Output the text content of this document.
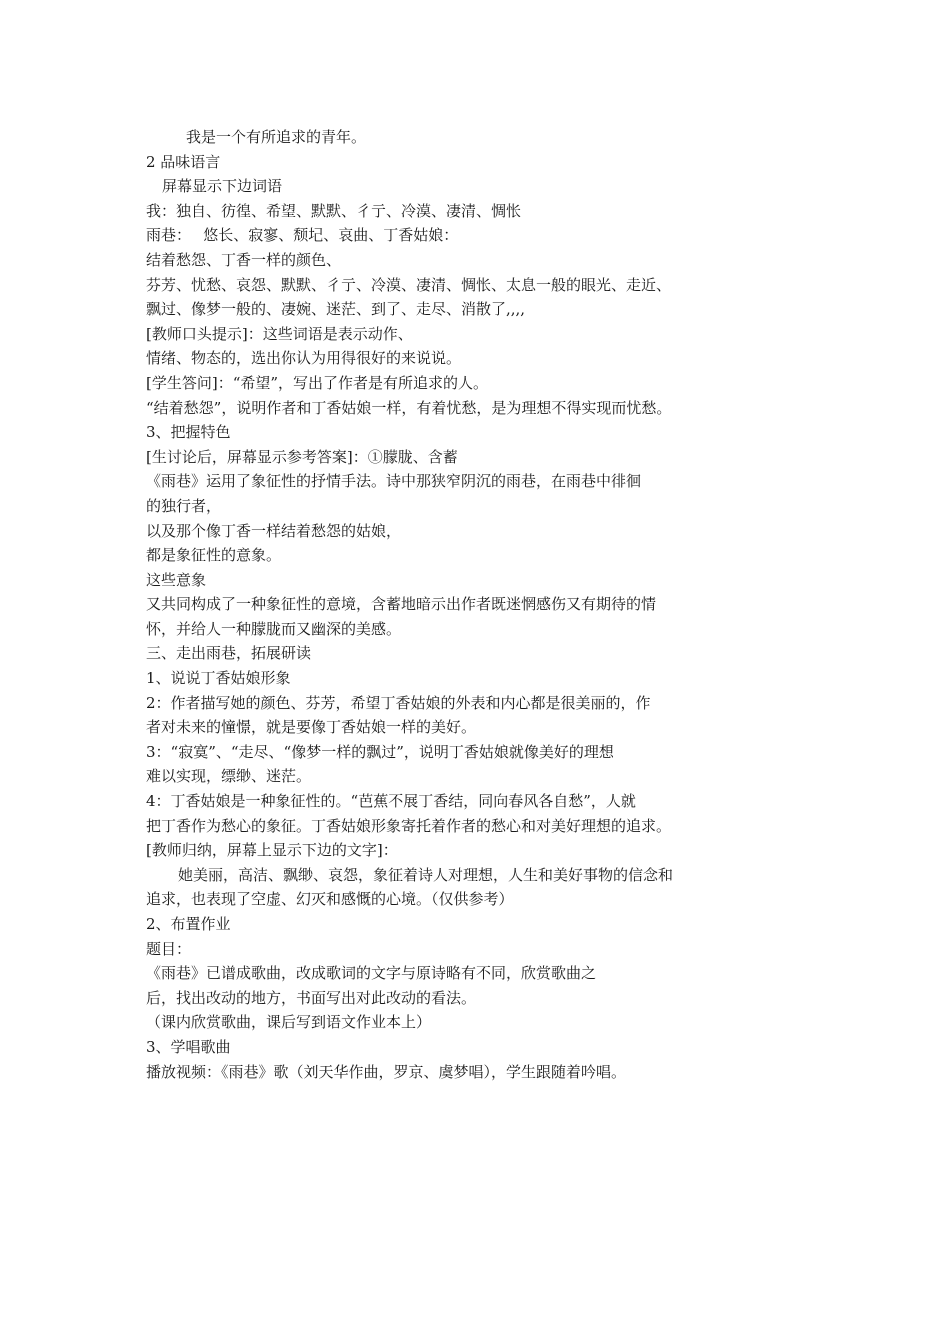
我是一个有所追求的青年。
2 品味语言
屏幕显示下边词语
我：独自、彷徨、希望、默默、彳亍、冷漠、凄清、惆怅
雨巷：　 悠长、寂寥、颓圮、哀曲、丁香姑娘：
结着愁怨、丁香一样的颜色、
芬芳、忧愁、哀怨、默默、彳亍、冷漠、凄清、惆怅、太息一般的眼光、走近、
飘过、像梦一般的、凄婉、迷茫、到了、走尽、消散了,,,,
[教师口头提示]：这些词语是表示动作、
情绪、物态的，选出你认为用得很好的来说说。
[学生答问]：“希望”，写出了作者是有所追求的人。
“结着愁怨”，说明作者和丁香姑娘一样，有着忧愁，是为理想不得实现而忧愁。
3、把握特色
[生讨论后，屏幕显示参考答案]：①朦胧、含蓄
《雨巷》运用了象征性的抒情手法。诗中那狭窄阴沉的雨巷，在雨巷中徘徊
的独行者，
以及那个像丁香一样结着愁怨的姑娘，
都是象征性的意象。
这些意象
又共同构成了一种象征性的意境，含蓄地暗示出作者既迷惘感伤又有期待的情
怀，并给人一种朦胧而又幽深的美感。
三、走出雨巷，拓展研读
1、说说丁香姑娘形象
2：作者描写她的颜色、芬芳，希望丁香姑娘的外表和内心都是很美丽的，作
者对未来的憧憬，就是要像丁香姑娘一样的美好。
3：“寂寞”、“走尽、“像梦一样的飘过”，说明丁香姑娘就像美好的理想
难以实现，缥缈、迷茫。
4：丁香姑娘是一种象征性的。“芭蕉不展丁香结，同向春风各自愁”，人就
把丁香作为愁心的象征。丁香姑娘形象寄托着作者的愁心和对美好理想的追求。
[教师归纳，屏幕上显示下边的文字]：
她美丽，高洁、飘缈、哀怨，象征着诗人对理想，人生和美好事物的信念和
追求，也表现了空虚、幻灭和感慨的心境。（仅供参考）
2、布置作业
题目：
《雨巷》已谱成歌曲，改成歌词的文字与原诗略有不同，欣赏歌曲之
后，找出改动的地方，书面写出对此改动的看法。
（课内欣赏歌曲，课后写到语文作业本上）
3、学唱歌曲
播放视频：《雨巷》歌（刘天华作曲，罗京、虞梦唱），学生跟随着吟唱。
